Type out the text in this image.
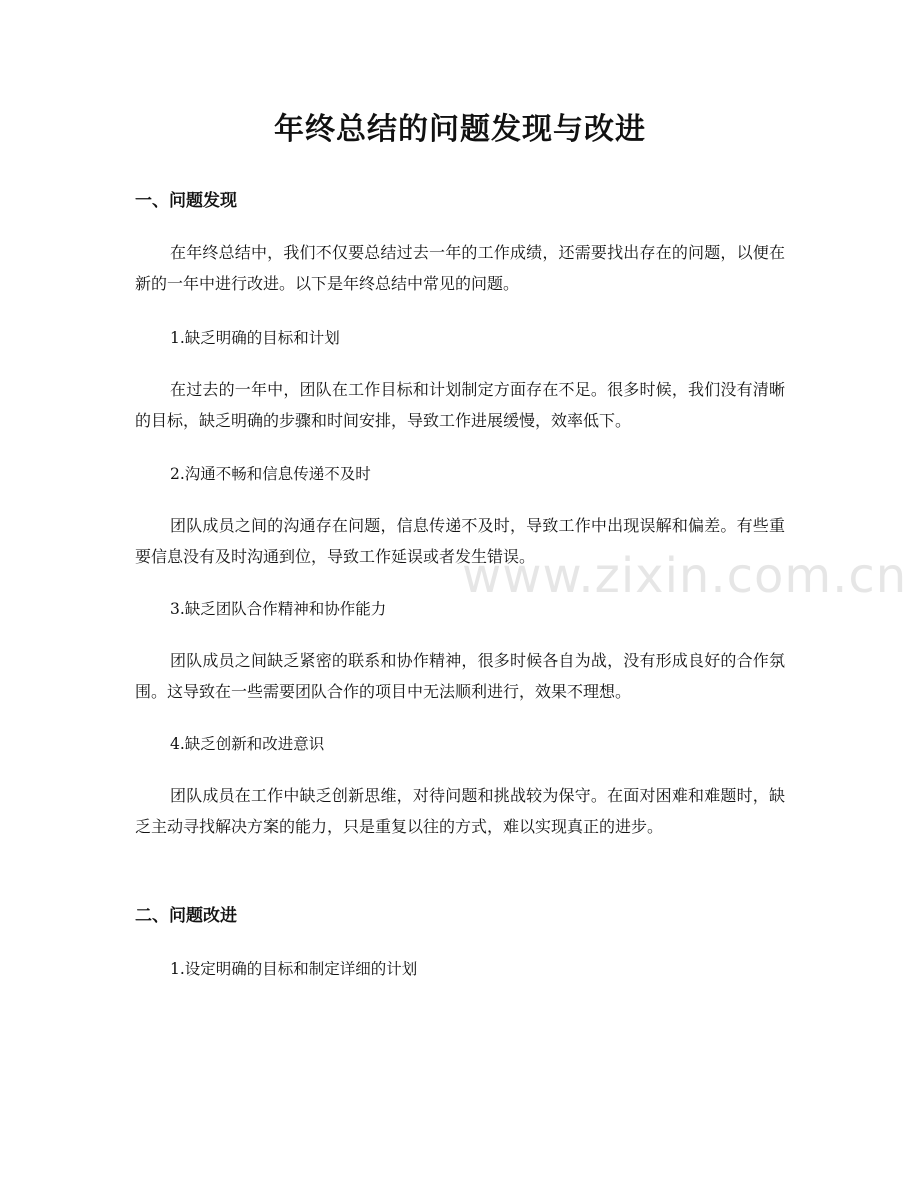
年终总结的问题发现与改进
一、问题发现
在年终总结中，我们不仅要总结过去一年的工作成绩，还需要找出存在的问题，以便在新的一年中进行改进。以下是年终总结中常见的问题。
1.缺乏明确的目标和计划
在过去的一年中，团队在工作目标和计划制定方面存在不足。很多时候，我们没有清晰的目标，缺乏明确的步骤和时间安排，导致工作进展缓慢，效率低下。
2.沟通不畅和信息传递不及时
团队成员之间的沟通存在问题，信息传递不及时，导致工作中出现误解和偏差。有些重要信息没有及时沟通到位，导致工作延误或者发生错误。
3.缺乏团队合作精神和协作能力
团队成员之间缺乏紧密的联系和协作精神，很多时候各自为战，没有形成良好的合作氛围。这导致在一些需要团队合作的项目中无法顺利进行，效果不理想。
4.缺乏创新和改进意识
团队成员在工作中缺乏创新思维，对待问题和挑战较为保守。在面对困难和难题时，缺乏主动寻找解决方案的能力，只是重复以往的方式，难以实现真正的进步。
二、问题改进
1.设定明确的目标和制定详细的计划
www.zixin.com.cn
